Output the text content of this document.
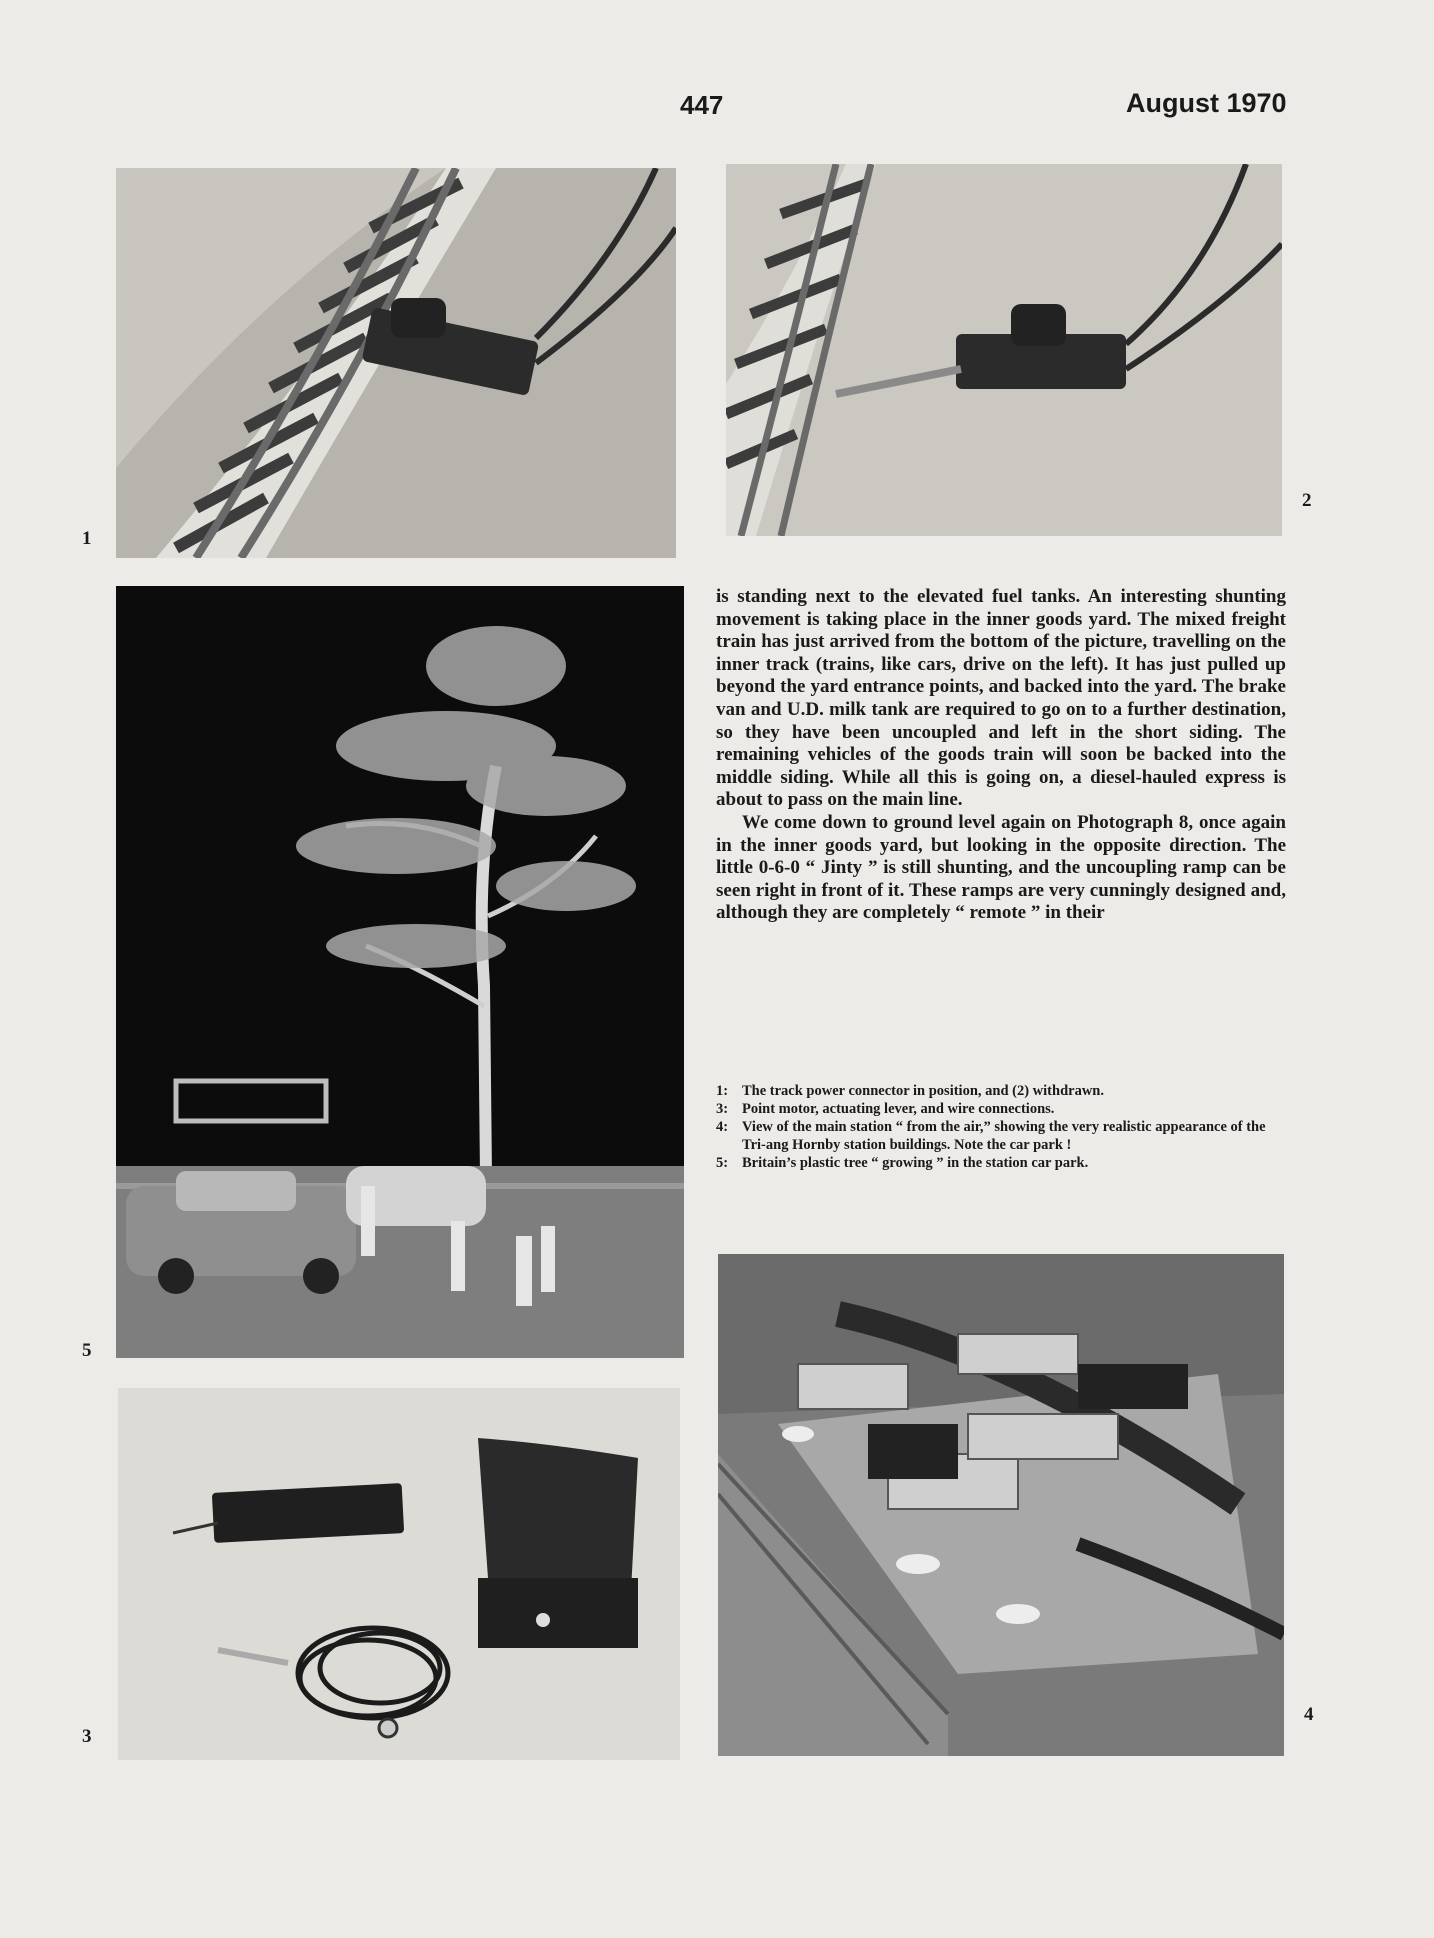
447	August 1970
1
2
5
3
4

is standing next to the elevated fuel tanks. An interesting shunting movement is taking place in the inner goods yard. The mixed freight train has just arrived from the bottom of the picture, travelling on the inner track (trains, like cars, drive on the left). It has just pulled up beyond the yard entrance points, and backed into the yard. The brake van and U.D. milk tank are required to go on to a further destination, so they have been uncoupled and left in the short siding. The remaining vehicles of the goods train will soon be backed into the middle siding. While all this is going on, a diesel-hauled express is about to pass on the main line.

We come down to ground level again on Photograph 8, once again in the inner goods yard, but looking in the opposite direction. The little 0-6-0 “ Jinty ” is still shunting, and the uncoupling ramp can be seen right in front of it. These ramps are very cunningly designed and, although they are completely “ remote ” in their

1: The track power connector in position, and (2) withdrawn.
3: Point motor, actuating lever, and wire connections.
4: View of the main station “ from the air,” showing the very realistic appearance of the Tri-ang Hornby station buildings. Note the car park !
5: Britain’s plastic tree “ growing ” in the station car park.
